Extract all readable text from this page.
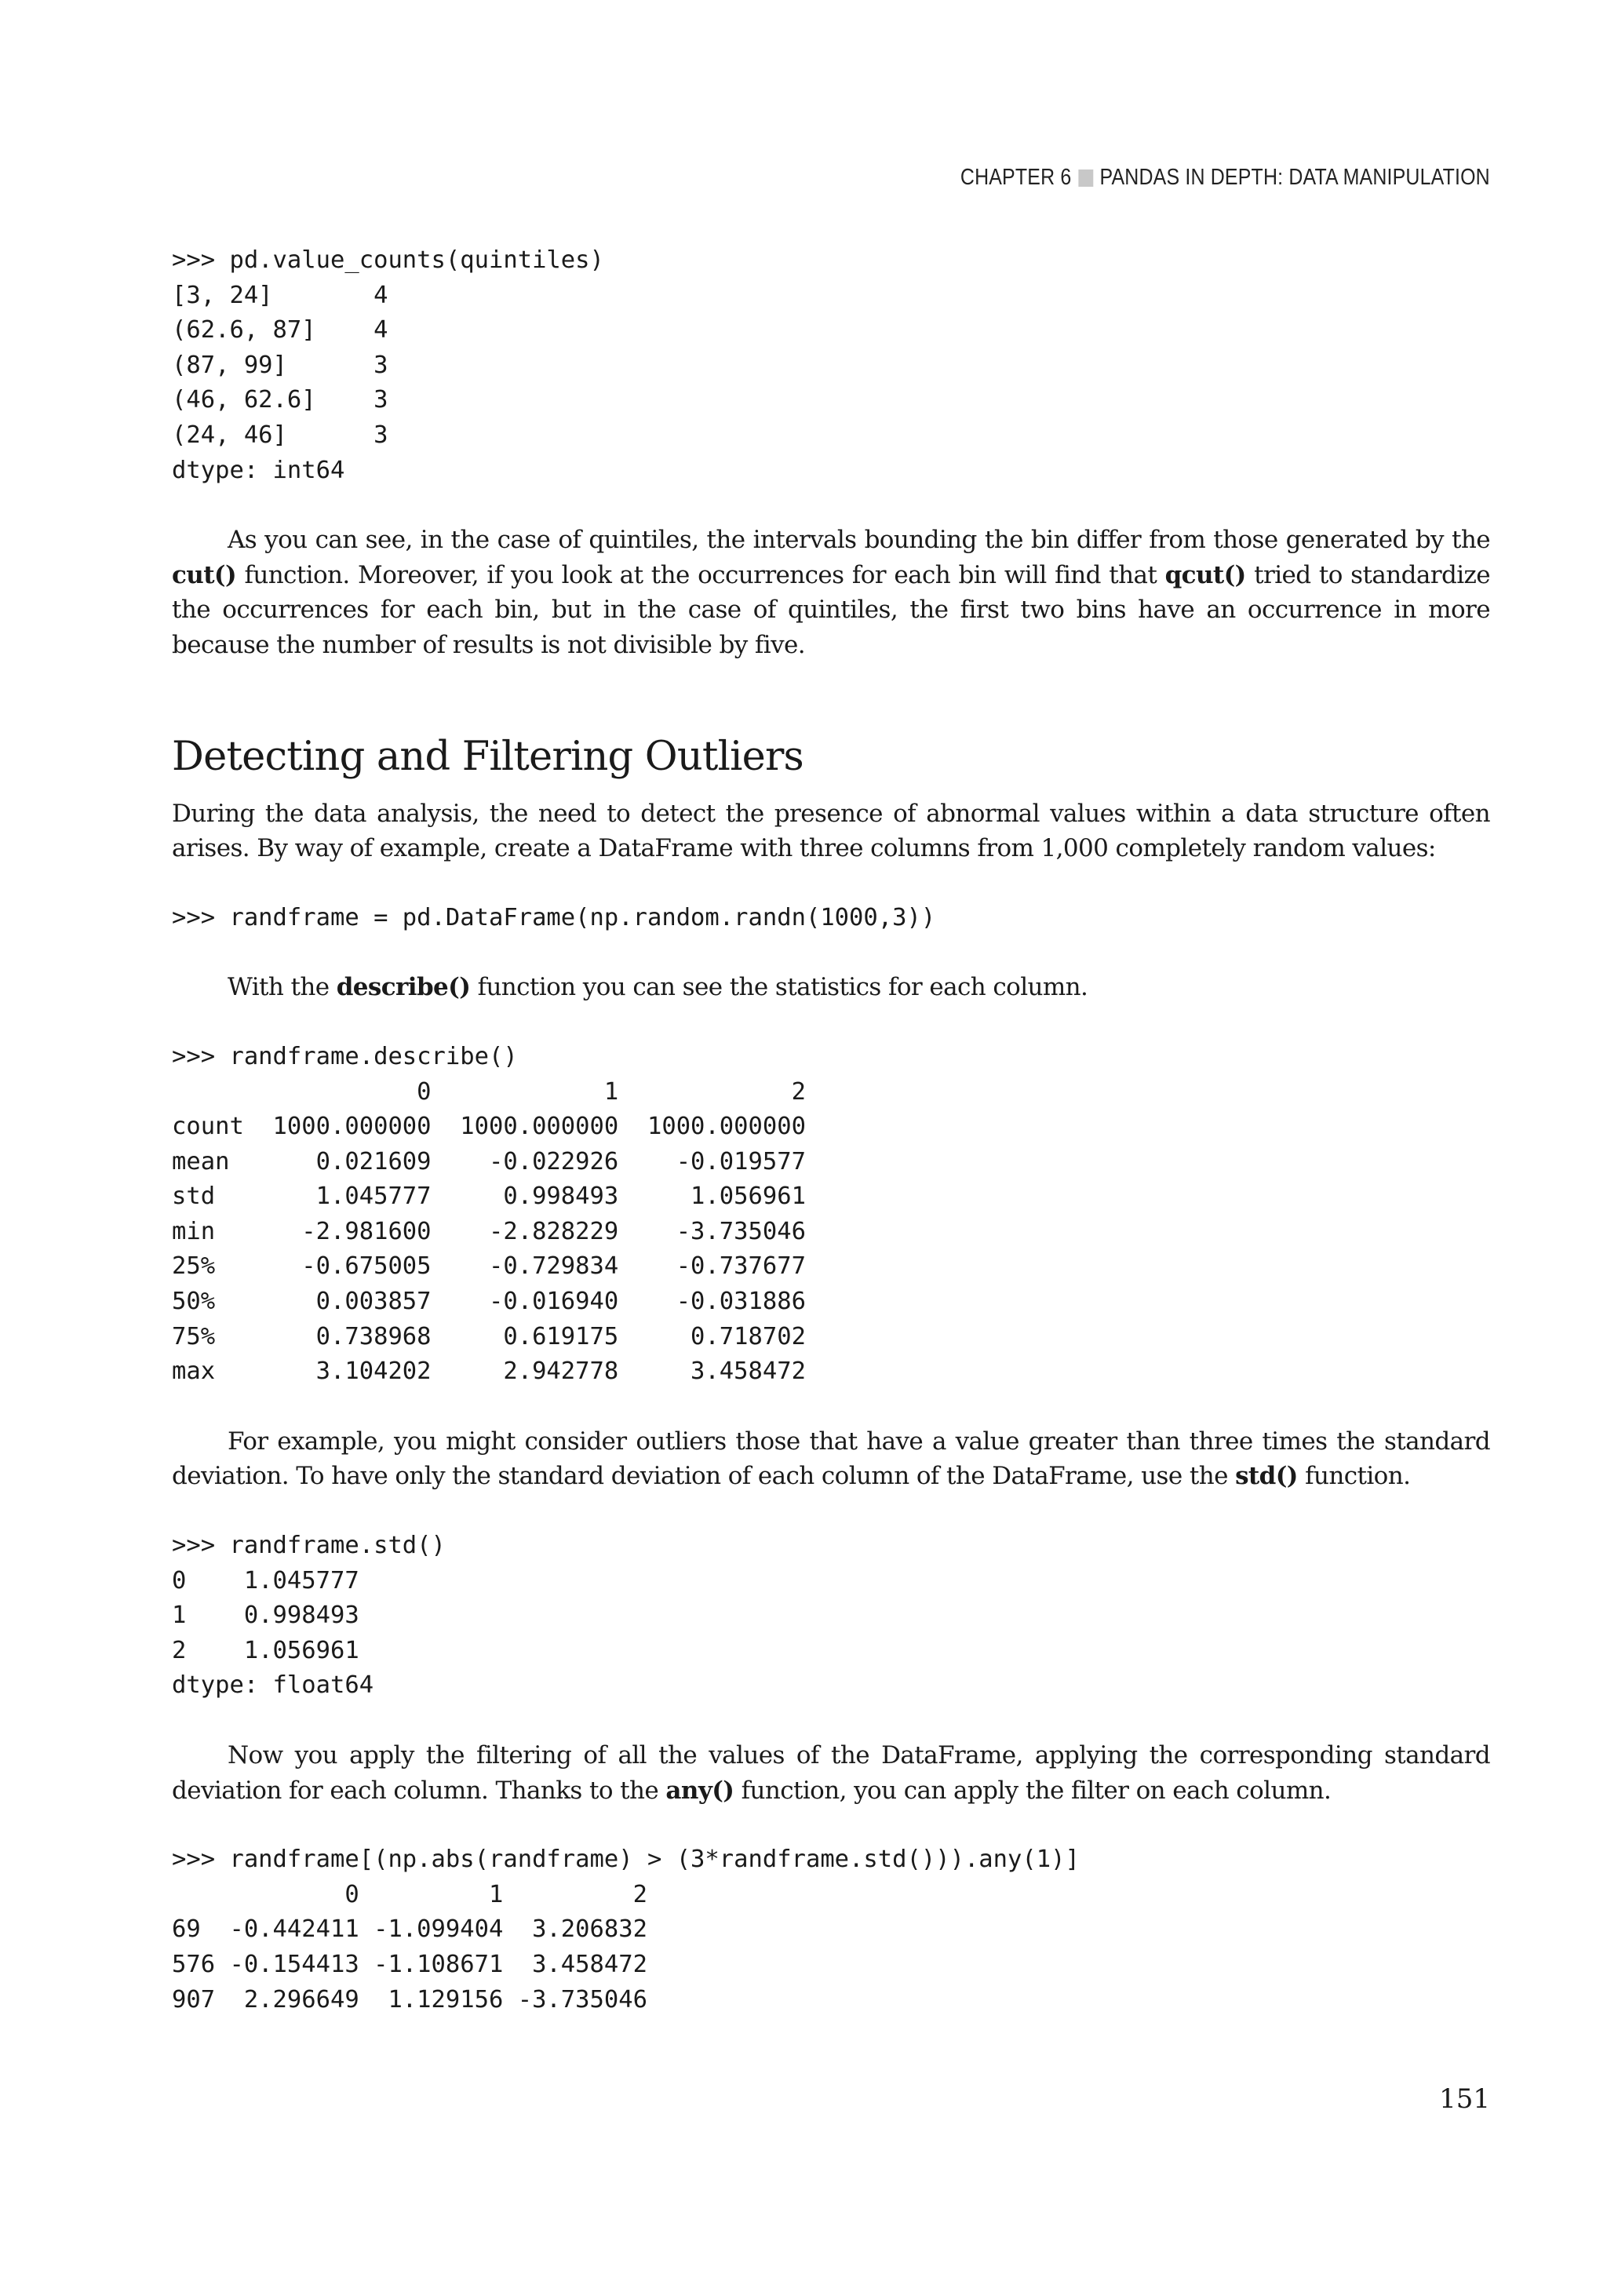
CHAPTER 6 PANDAS IN DEPTH: DATA MANIPULATION
>>> pd.value_counts(quintiles)
[3, 24]       4
(62.6, 87]    4
(87, 99]      3
(46, 62.6]    3
(24, 46]      3
dtype: int64

As you can see, in the case of quintiles, the intervals bounding the bin differ from those generated by the cut() function. Moreover, if you look at the occurrences for each bin will find that qcut() tried to standardize the occurrences for each bin, but in the case of quintiles, the first two bins have an occurrence in more because the number of results is not divisible by five.

Detecting and Filtering Outliers

During the data analysis, the need to detect the presence of abnormal values within a data structure often arises. By way of example, create a DataFrame with three columns from 1,000 completely random values:

>>> randframe = pd.DataFrame(np.random.randn(1000,3))

With the describe() function you can see the statistics for each column.

>>> randframe.describe()
0            1            2
count  1000.000000  1000.000000  1000.000000
mean      0.021609    -0.022926    -0.019577
std       1.045777     0.998493     1.056961
min      -2.981600    -2.828229    -3.735046
25%      -0.675005    -0.729834    -0.737677
50%       0.003857    -0.016940    -0.031886
75%       0.738968     0.619175     0.718702
max       3.104202     2.942778     3.458472

For example, you might consider outliers those that have a value greater than three times the standard deviation. To have only the standard deviation of each column of the DataFrame, use the std() function.

>>> randframe.std()
0    1.045777
1    0.998493
2    1.056961
dtype: float64

Now you apply the filtering of all the values of the DataFrame, applying the corresponding standard deviation for each column. Thanks to the any() function, you can apply the filter on each column.

>>> randframe[(np.abs(randframe) > (3*randframe.std())).any(1)]
0         1         2
69  -0.442411 -1.099404  3.206832
576 -0.154413 -1.108671  3.458472
907  2.296649  1.129156 -3.735046
151
